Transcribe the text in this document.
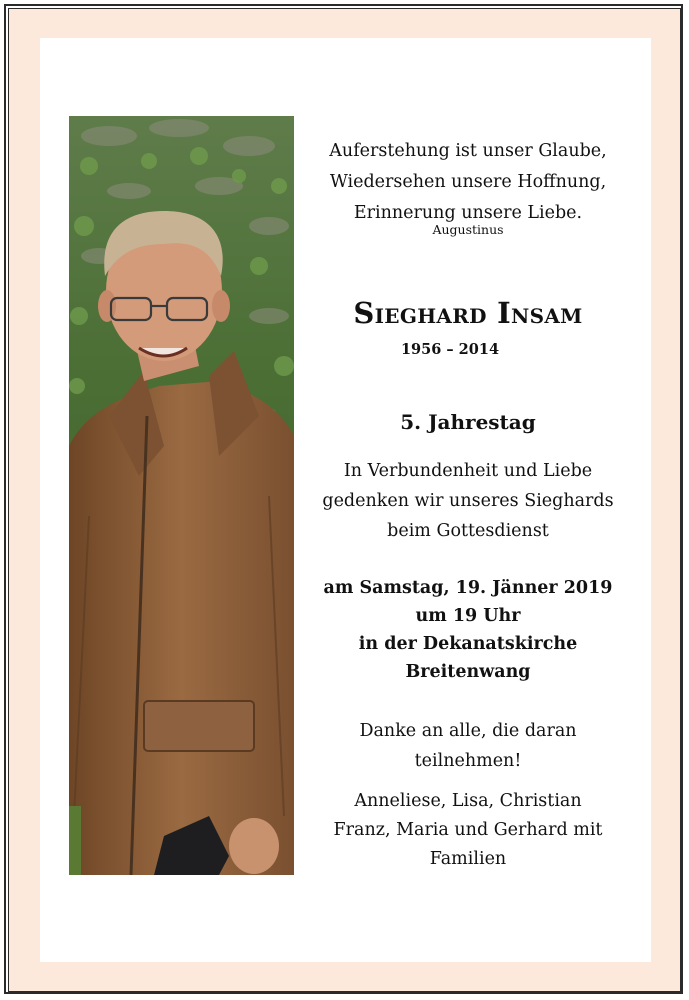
Auferstehung ist unser Glaube,
Wiedersehen unsere Hoffnung,
Erinnerung unsere Liebe.
Augustinus
Sieghard Insam
1956 – 2014
5. Jahrestag
In Verbundenheit und Liebe
gedenken wir unseres Sieghards
beim Gottesdienst
am Samstag, 19. Jänner 2019
um 19 Uhr
in der Dekanatskirche
Breitenwang
Danke an alle, die daran
teilnehmen!
Anneliese, Lisa, Christian
Franz, Maria und Gerhard mit
Familien
